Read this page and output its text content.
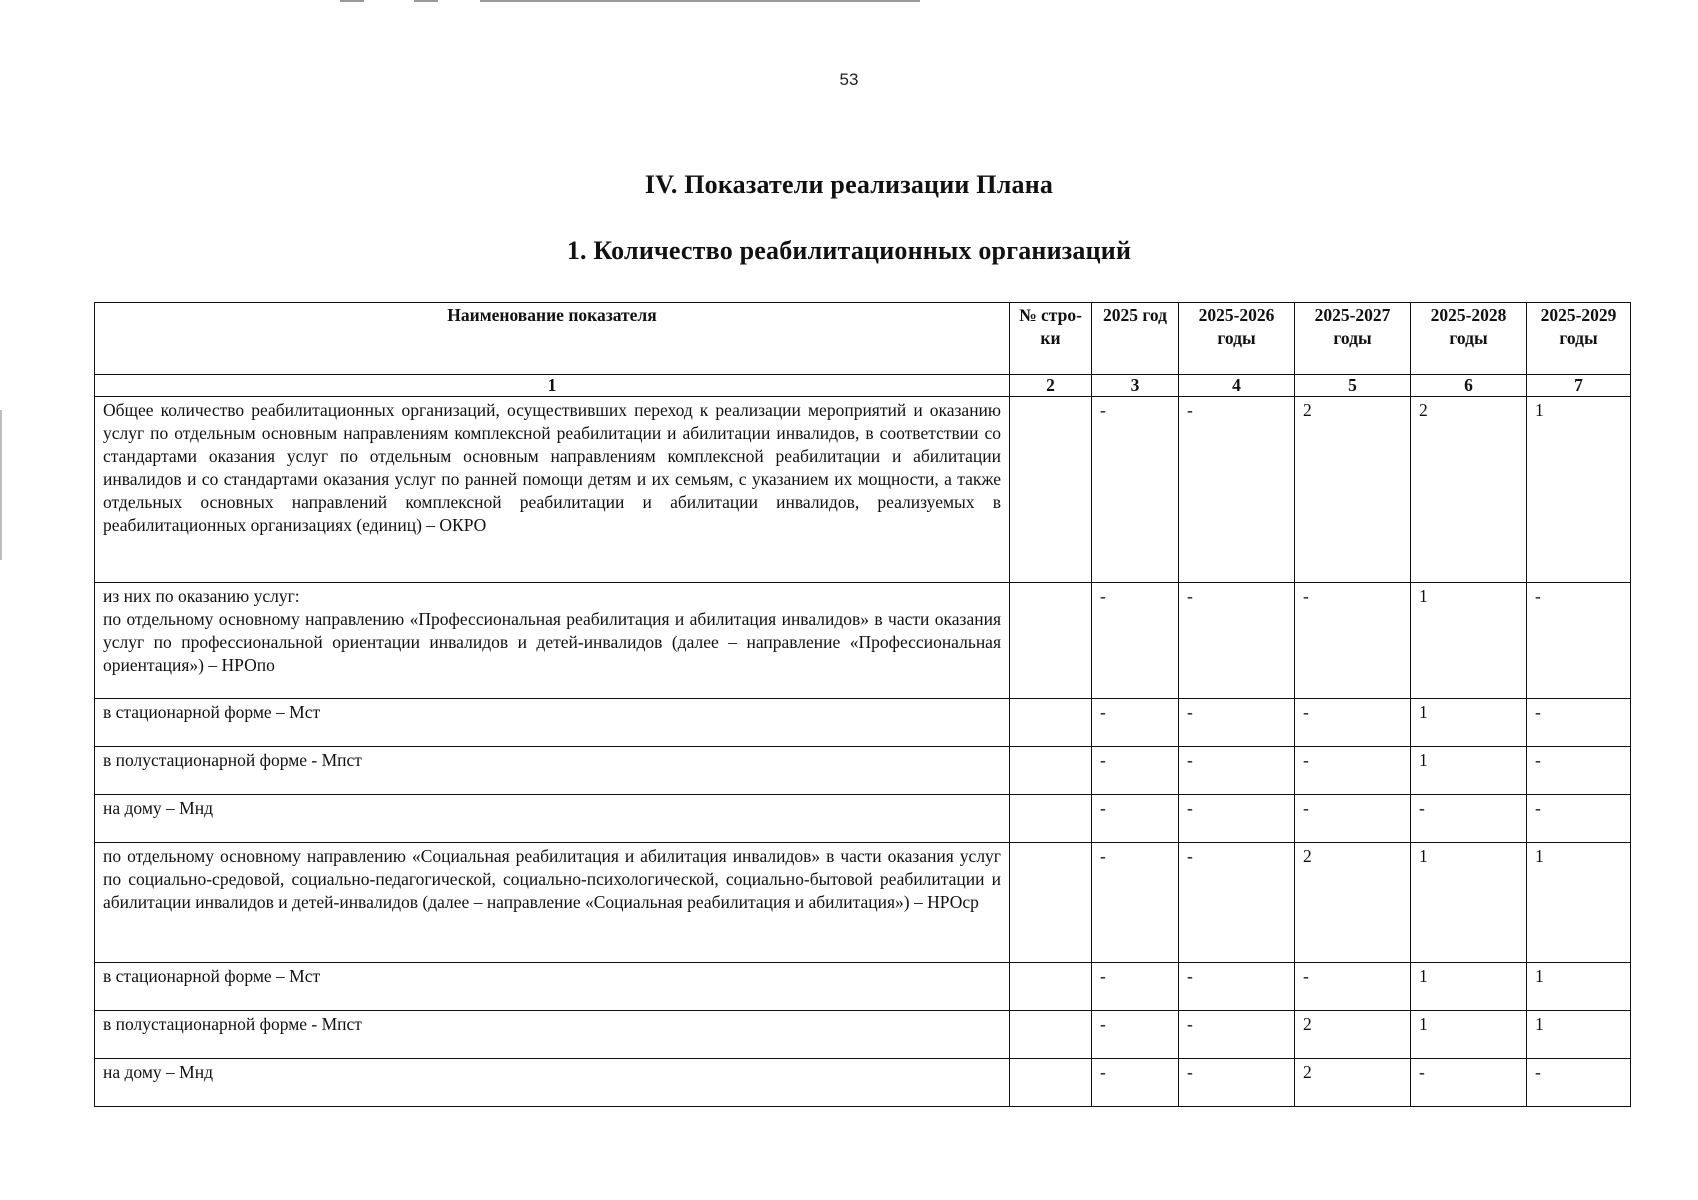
53
IV. Показатели реализации Плана
1. Количество реабилитационных организаций
Наименование показателя	№ стро-ки	2025 год	2025-2026 годы	2025-2027 годы	2025-2028 годы	2025-2029 годы
1	2	3	4	5	6	7
Общее количество реабилитационных организаций, осуществивших переход к реализации мероприятий и оказанию услуг по отдельным основным направлениям комплексной реабилитации и абилитации инвалидов, в соответствии со стандартами оказания услуг по отдельным основным направлениям комплексной реабилитации и абилитации инвалидов и со стандартами оказания услуг по ранней помощи детям и их семьям, с указанием их мощности, а также отдельных основных направлений комплексной реабилитации и абилитации инвалидов, реализуемых в реабилитационных организациях (единиц) – ОКРО		-	-	2	2	1

из них по оказанию услуг:
по отдельному основному направлению «Профессиональная реабилитация и абилитация инвалидов» в части оказания услуг по профессиональной ориентации инвалидов и детей-инвалидов (далее – направление «Профессиональная ориентация») – НРОпо		-	-	-	1	-
в стационарной форме – Мст		-	-	-	1	-
в полустационарной форме - Мпст		-	-	-	1	-
на дому – Мнд		-	-	-	-	-
по отдельному основному направлению «Социальная реабилитация и абилитация инвалидов» в части оказания услуг по социально-средовой, социально-педагогической, социально-психологической, социально-бытовой реабилитации и абилитации инвалидов и детей-инвалидов (далее – направление «Социальная реабилитация и абилитация») – НРОср		-	-	2	1	1
в стационарной форме – Мст		-	-	-	1	1
в полустационарной форме - Мпст		-	-	2	1	1
на дому – Мнд		-	-	2	-	-
